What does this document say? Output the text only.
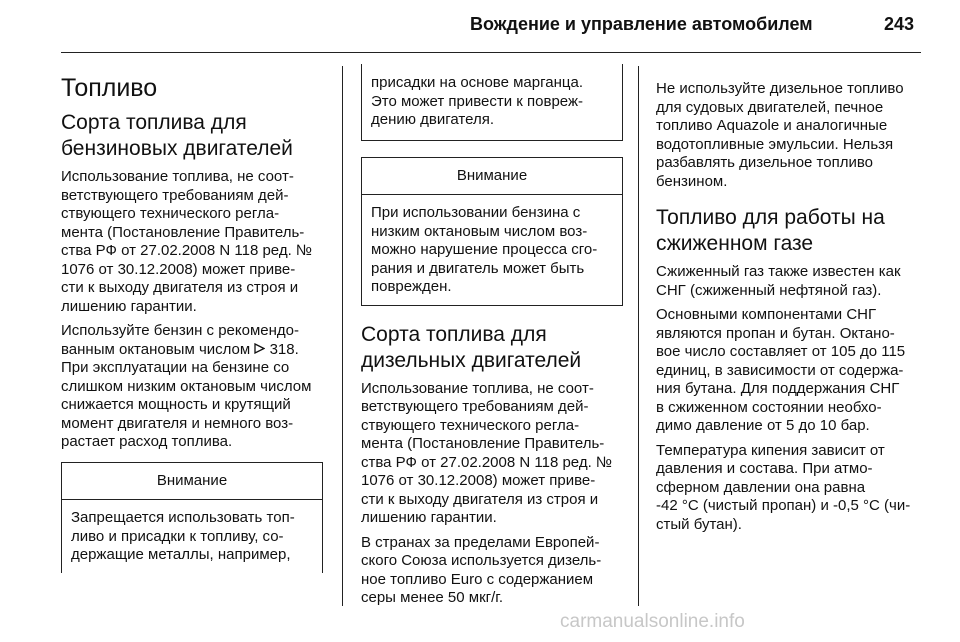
Вождение и управление автомобилем	243
Топливо
Сорта топлива для
бензиновых двигателей

Использование топлива, не соот-
ветствующего требованиям дей-
ствующего технического регла-
мента (Постановление Правитель-
ства РФ от 27.02.2008 N 118 ред. №
1076 от 30.12.2008) может приве-
сти к выходу двигателя из строя и
лишению гарантии.

Используйте бензин с рекомендо-
ванным октановым числом 318.
При эксплуатации на бензине со
слишком низким октановым числом
снижается мощность и крутящий
момент двигателя и немного воз-
растает расход топлива.

Внимание
Запрещается использовать топ-
ливо и присадки к топливу, со-
держащие металлы, например,
присадки на основе марганца.
Это может привести к повреж-
дению двигателя.
Внимание
При использовании бензина с
низким октановым числом воз-
можно нарушение процесса сго-
рания и двигатель может быть
поврежден.
Сорта топлива для
дизельных двигателей

Использование топлива, не соот-
ветствующего требованиям дей-
ствующего технического регла-
мента (Постановление Правитель-
ства РФ от 27.02.2008 N 118 ред. №
1076 от 30.12.2008) может приве-
сти к выходу двигателя из строя и
лишению гарантии.

В странах за пределами Европей-
ского Союза используется дизель-
ное топливо Euro с содержанием
серы менее 50 мкг/г.

Не используйте дизельное топливо
для судовых двигателей, печное
топливо Aquazole и аналогичные
водотопливные эмульсии. Нельзя
разбавлять дизельное топливо
бензином.

Топливо для работы на
сжиженном газе

Сжиженный газ также известен как
СНГ (сжиженный нефтяной газ).

Основными компонентами СНГ
являются пропан и бутан. Октано-
вое число составляет от 105 до 115
единиц, в зависимости от содержа-
ния бутана. Для поддержания СНГ
в сжиженном состоянии необхо-
димо давление от 5 до 10 бар.

Температура кипения зависит от
давления и состава. При атмо-
сферном давлении она равна
-42 °C (чистый пропан) и -0,5 °C (чи-
стый бутан).

carmanualsonline.info
